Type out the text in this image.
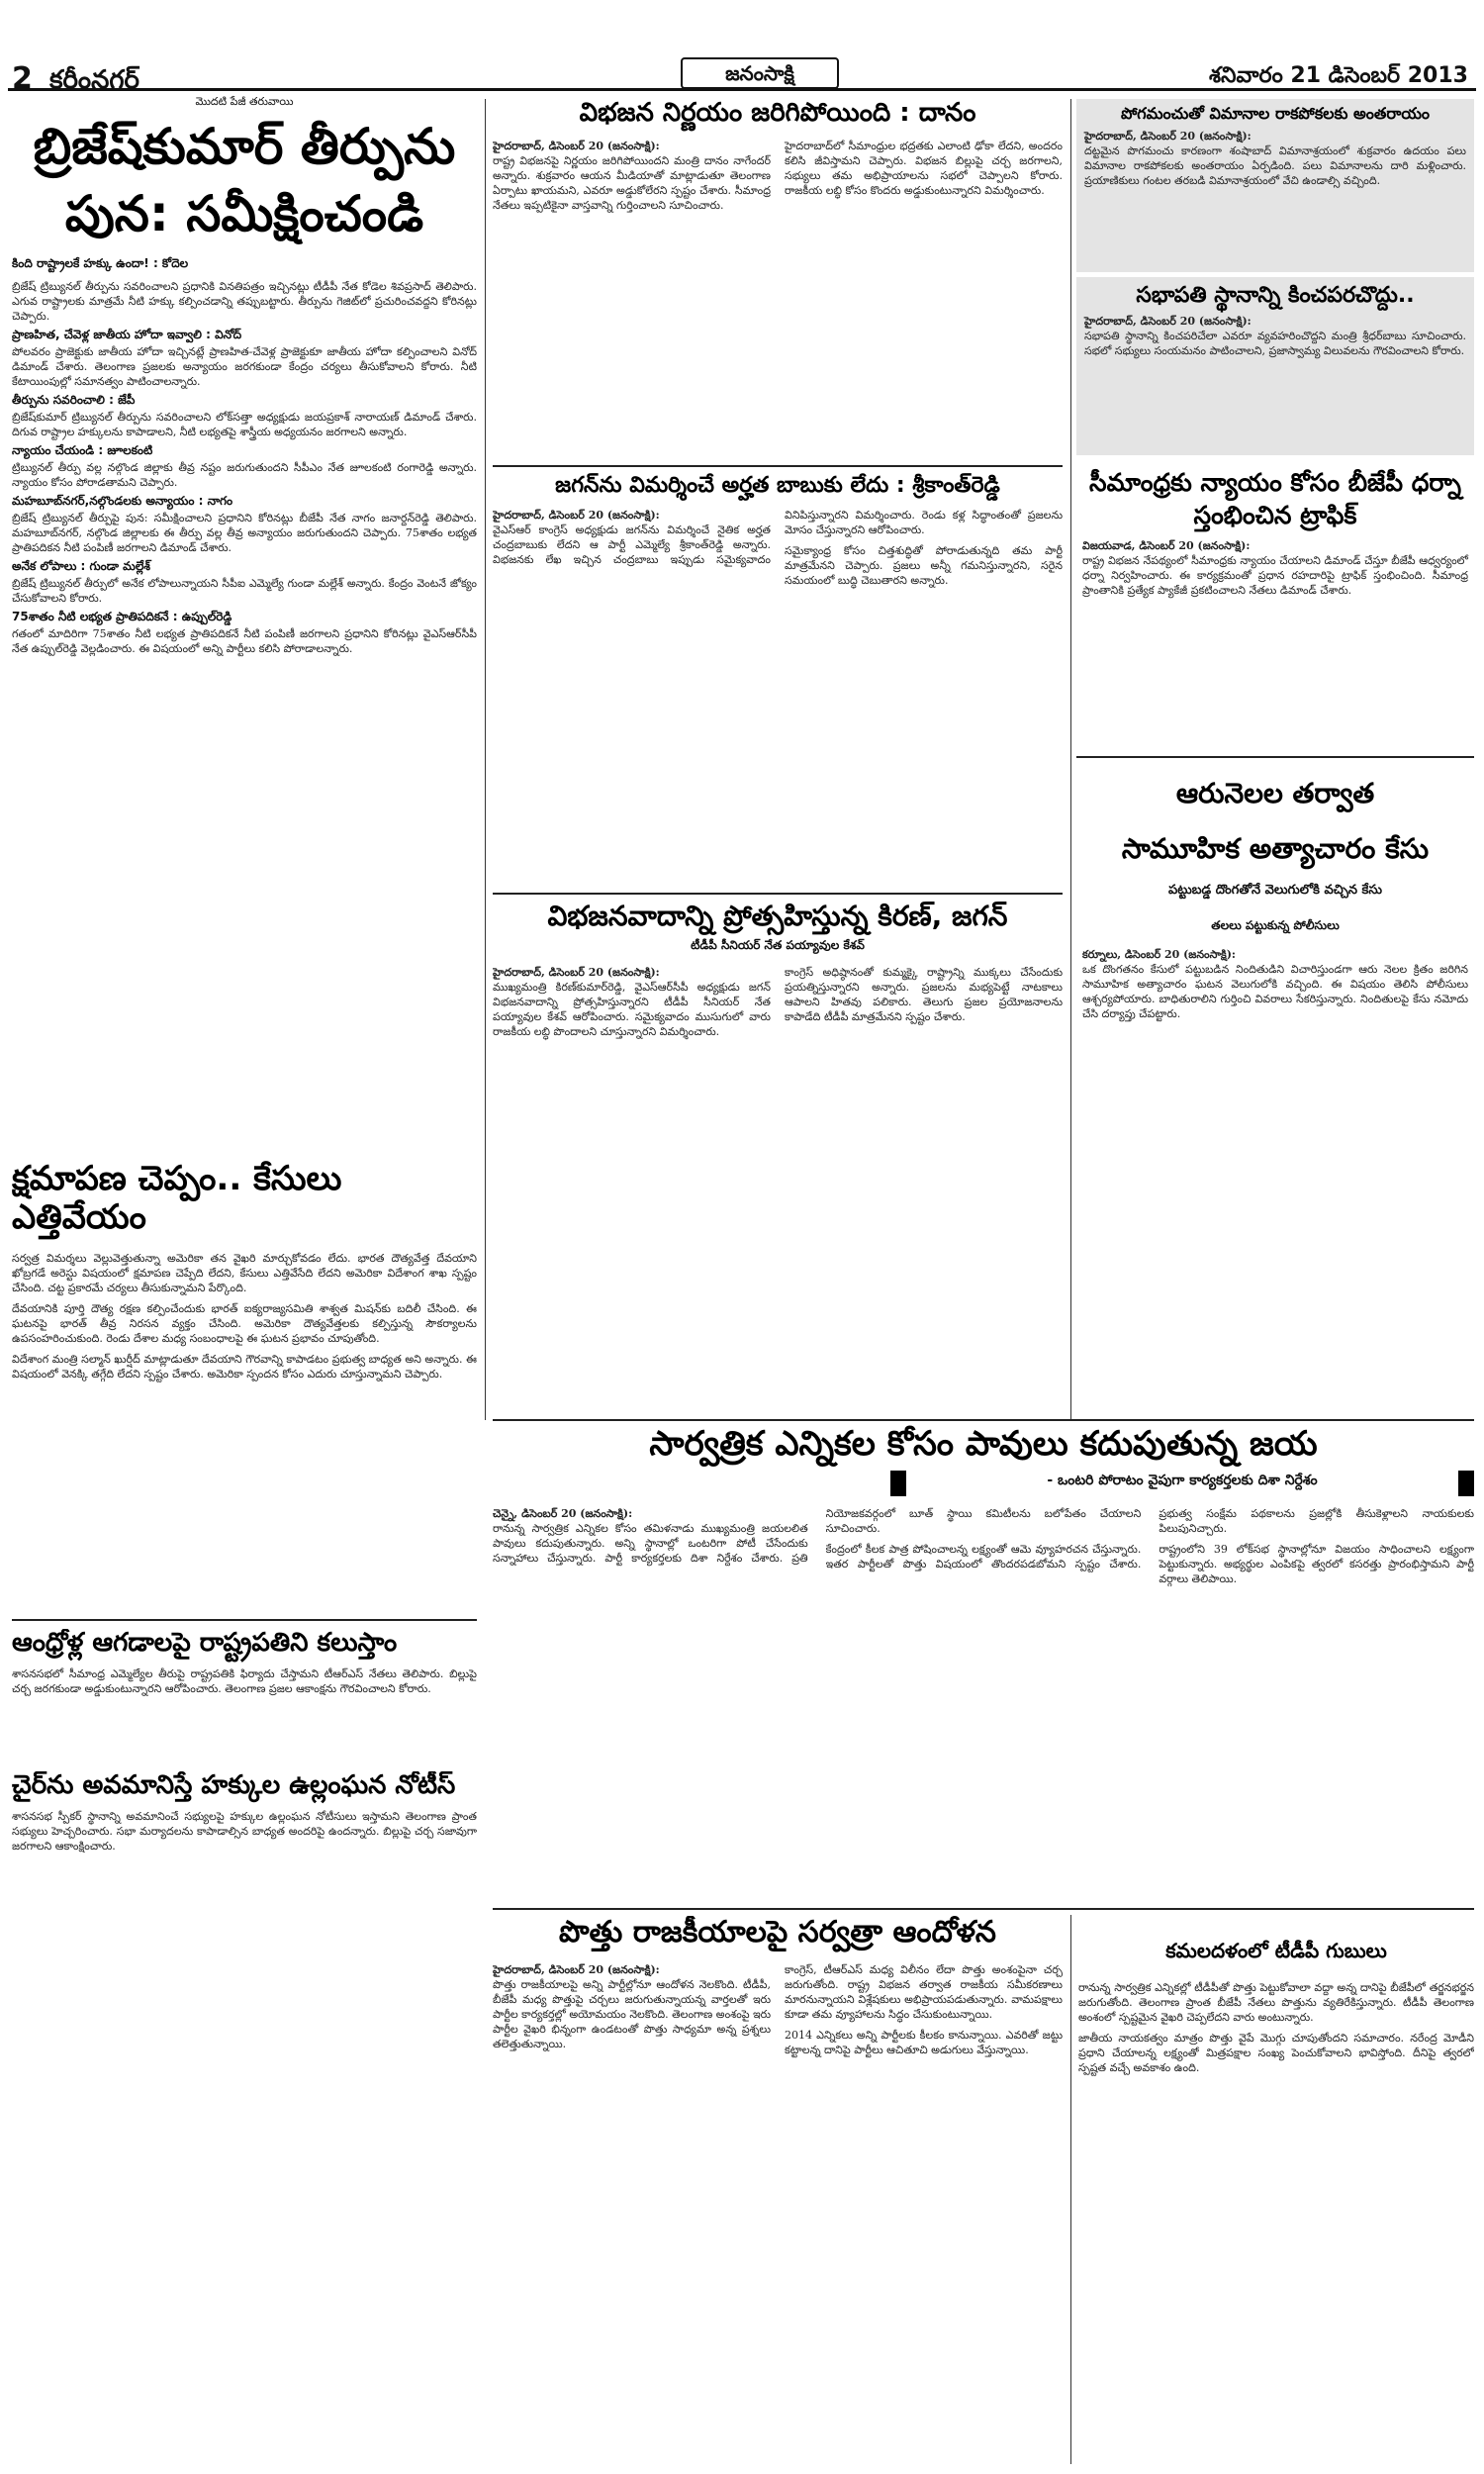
2 కరీంనగర్	జనంసాక్షి	శనివారం 21 డిసెంబర్ 2013
మొదటి పేజీ తరువాయి
బ్రిజేష్‌కుమార్ తీర్పును
పున: సమీక్షించండి
కింది రాష్ట్రాలకే హక్కు ఉందా! : కోదెల

బ్రిజేష్ ట్రిబ్యునల్ తీర్పును సవరించాలని ప్రధానికి వినతిపత్రం ఇచ్చినట్లు టీడీపీ నేత కోడెల శివప్రసాద్ తెలిపారు. ఎగువ రాష్ట్రాలకు మాత్రమే నీటి హక్కు కల్పించడాన్ని తప్పుబట్టారు. తీర్పును గెజిట్‌లో ప్రచురించవద్దని కోరినట్లు చెప్పారు.

ప్రాణహిత, చేవెళ్ల జాతీయ హోదా ఇవ్వాలి : వినోద్

పోలవరం ప్రాజెక్టుకు జాతీయ హోదా ఇచ్చినట్లే ప్రాణహిత-చేవెళ్ల ప్రాజెక్టుకూ జాతీయ హోదా కల్పించాలని వినోద్ డిమాండ్ చేశారు. తెలంగాణ ప్రజలకు అన్యాయం జరగకుండా కేంద్రం చర్యలు తీసుకోవాలని కోరారు. నీటి కేటాయింపుల్లో సమానత్వం పాటించాలన్నారు.

తీర్పును సవరించాలి : జేపీ

బ్రిజేష్‌కుమార్ ట్రిబ్యునల్ తీర్పును సవరించాలని లోక్‌సత్తా అధ్యక్షుడు జయప్రకాశ్ నారాయణ్ డిమాండ్ చేశారు. దిగువ రాష్ట్రాల హక్కులను కాపాడాలని, నీటి లభ్యతపై శాస్త్రీయ అధ్యయనం జరగాలని అన్నారు.

న్యాయం చేయండి : జూలకంటి

ట్రిబ్యునల్ తీర్పు వల్ల నల్గొండ జిల్లాకు తీవ్ర నష్టం జరుగుతుందని సీపీఎం నేత జూలకంటి రంగారెడ్డి అన్నారు. న్యాయం కోసం పోరాడతామని చెప్పారు.

మహబూబ్‌నగర్,నల్గొండలకు అన్యాయం : నాగం

బ్రిజేష్ ట్రిబ్యునల్ తీర్పుపై పున: సమీక్షించాలని ప్రధానిని కోరినట్లు బీజేపీ నేత నాగం జనార్దన్‌రెడ్డి తెలిపారు. మహబూబ్‌నగర్, నల్గొండ జిల్లాలకు ఈ తీర్పు వల్ల తీవ్ర అన్యాయం జరుగుతుందని చెప్పారు. 75శాతం లభ్యత ప్రాతిపదికన నీటి పంపిణీ జరగాలని డిమాండ్ చేశారు.

అనేక లోపాలు : గుండా మల్లేశ్

బ్రిజేష్ ట్రిబ్యునల్ తీర్పులో అనేక లోపాలున్నాయని సీపీఐ ఎమ్మెల్యే గుండా మల్లేశ్ అన్నారు. కేంద్రం వెంటనే జోక్యం చేసుకోవాలని కోరారు.

75శాతం నీటి లభ్యత ప్రాతిపదికనే : ఉప్పుల్‌రెడ్డి

గతంలో మాదిరిగా 75శాతం నీటి లభ్యత ప్రాతిపదికనే నీటి పంపిణీ జరగాలని ప్రధానిని కోరినట్లు వైఎస్‌ఆర్‌సీపీ నేత ఉప్పుల్‌రెడ్డి వెల్లడించారు. ఈ విషయంలో అన్ని పార్టీలు కలిసి పోరాడాలన్నారు.

క్షమాపణ చెప్పం.. కేసులు ఎత్తివేయం

సర్వత్ర విమర్శలు వెల్లువెత్తుతున్నా అమెరికా తన వైఖరి మార్చుకోవడం లేదు. భారత దౌత్యవేత్త దేవయాని ఖోబ్రగడే అరెస్టు విషయంలో క్షమాపణ చెప్పేది లేదని, కేసులు ఎత్తివేసేది లేదని అమెరికా విదేశాంగ శాఖ స్పష్టం చేసింది. చట్ట ప్రకారమే చర్యలు తీసుకున్నామని పేర్కొంది.

దేవయానికి పూర్తి దౌత్య రక్షణ కల్పించేందుకు భారత్ ఐక్యరాజ్యసమితి శాశ్వత మిషన్‌కు బదిలీ చేసింది. ఈ ఘటనపై భారత్ తీవ్ర నిరసన వ్యక్తం చేసింది. అమెరికా దౌత్యవేత్తలకు కల్పిస్తున్న సౌకర్యాలను ఉపసంహరించుకుంది. రెండు దేశాల మధ్య సంబంధాలపై ఈ ఘటన ప్రభావం చూపుతోంది.

విదేశాంగ మంత్రి సల్మాన్ ఖుర్షీద్ మాట్లాడుతూ దేవయాని గౌరవాన్ని కాపాడటం ప్రభుత్వ బాధ్యత అని అన్నారు. ఈ విషయంలో వెనక్కి తగ్గేది లేదని స్పష్టం చేశారు. అమెరికా స్పందన కోసం ఎదురు చూస్తున్నామని చెప్పారు.

ఆంధ్రోళ్ల ఆగడాలపై రాష్ట్రపతిని కలుస్తాం

శాసనసభలో సీమాంధ్ర ఎమ్మెల్యేల తీరుపై రాష్ట్రపతికి ఫిర్యాదు చేస్తామని టీఆర్‌ఎస్ నేతలు తెలిపారు. బిల్లుపై చర్చ జరగకుండా అడ్డుకుంటున్నారని ఆరోపించారు. తెలంగాణ ప్రజల ఆకాంక్షను గౌరవించాలని కోరారు.

చైర్‌ను అవమానిస్తే హక్కుల ఉల్లంఘన నోటీస్

శాసనసభ స్పీకర్ స్థానాన్ని అవమానించే సభ్యులపై హక్కుల ఉల్లంఘన నోటీసులు ఇస్తామని తెలంగాణ ప్రాంత సభ్యులు హెచ్చరించారు. సభా మర్యాదలను కాపాడాల్సిన బాధ్యత అందరిపై ఉందన్నారు. బిల్లుపై చర్చ సజావుగా జరగాలని ఆకాంక్షించారు.

విభజన నిర్ణయం జరిగిపోయింది : దానం

హైదరాబాద్, డిసెంబర్ 20 (జనంసాక్షి):

రాష్ట్ర విభజనపై నిర్ణయం జరిగిపోయిందని మంత్రి దానం నాగేందర్ అన్నారు. శుక్రవారం ఆయన మీడియాతో మాట్లాడుతూ తెలంగాణ ఏర్పాటు ఖాయమని, ఎవరూ అడ్డుకోలేరని స్పష్టం చేశారు. సీమాంధ్ర నేతలు ఇప్పటికైనా వాస్తవాన్ని గుర్తించాలని సూచించారు.

హైదరాబాద్‌లో సీమాంధ్రుల భద్రతకు ఎలాంటి ఢోకా లేదని, అందరం కలిసి జీవిస్తామని చెప్పారు. విభజన బిల్లుపై చర్చ జరగాలని, సభ్యులు తమ అభిప్రాయాలను సభలో చెప్పాలని కోరారు. రాజకీయ లబ్ధి కోసం కొందరు అడ్డుకుంటున్నారని విమర్శించారు.

జగన్‌ను విమర్శించే అర్హత బాబుకు లేదు : శ్రీకాంత్‌రెడ్డి

హైదరాబాద్, డిసెంబర్ 20 (జనంసాక్షి):

వైఎస్‌ఆర్ కాంగ్రెస్ అధ్యక్షుడు జగన్‌ను విమర్శించే నైతిక అర్హత చంద్రబాబుకు లేదని ఆ పార్టీ ఎమ్మెల్యే శ్రీకాంత్‌రెడ్డి అన్నారు. విభజనకు లేఖ ఇచ్చిన చంద్రబాబు ఇప్పుడు సమైక్యవాదం వినిపిస్తున్నారని విమర్శించారు. రెండు కళ్ల సిద్ధాంతంతో ప్రజలను మోసం చేస్తున్నారని ఆరోపించారు.

సమైక్యాంధ్ర కోసం చిత్తశుద్ధితో పోరాడుతున్నది తమ పార్టీ మాత్రమేనని చెప్పారు. ప్రజలు అన్నీ గమనిస్తున్నారని, సరైన సమయంలో బుద్ధి చెబుతారని అన్నారు.

విభజనవాదాన్ని ప్రోత్సహిస్తున్న కిరణ్, జగన్
టీడీపీ సీనియర్ నేత పయ్యావుల కేశవ్

హైదరాబాద్, డిసెంబర్ 20 (జనంసాక్షి):

ముఖ్యమంత్రి కిరణ్‌కుమార్‌రెడ్డి, వైఎస్‌ఆర్‌సీపీ అధ్యక్షుడు జగన్ విభజనవాదాన్ని ప్రోత్సహిస్తున్నారని టీడీపీ సీనియర్ నేత పయ్యావుల కేశవ్ ఆరోపించారు. సమైక్యవాదం ముసుగులో వారు రాజకీయ లబ్ధి పొందాలని చూస్తున్నారని విమర్శించారు.

కాంగ్రెస్ అధిష్ఠానంతో కుమ్మక్కై రాష్ట్రాన్ని ముక్కలు చేసేందుకు ప్రయత్నిస్తున్నారని అన్నారు. ప్రజలను మభ్యపెట్టే నాటకాలు ఆపాలని హితవు పలికారు. తెలుగు ప్రజల ప్రయోజనాలను కాపాడేది టీడీపీ మాత్రమేనని స్పష్టం చేశారు.

పోగమంచుతో విమానాల రాకపోకలకు అంతరాయం

హైదరాబాద్, డిసెంబర్ 20 (జనంసాక్షి):

దట్టమైన పొగమంచు కారణంగా శంషాబాద్ విమానాశ్రయంలో శుక్రవారం ఉదయం పలు విమానాల రాకపోకలకు అంతరాయం ఏర్పడింది. పలు విమానాలను దారి మళ్లించారు. ప్రయాణికులు గంటల తరబడి విమానాశ్రయంలో వేచి ఉండాల్సి వచ్చింది.

సభాపతి స్థానాన్ని కించపరచొద్దు..

హైదరాబాద్, డిసెంబర్ 20 (జనంసాక్షి):

సభాపతి స్థానాన్ని కించపరిచేలా ఎవరూ వ్యవహరించొద్దని మంత్రి శ్రీధర్‌బాబు సూచించారు. సభలో సభ్యులు సంయమనం పాటించాలని, ప్రజాస్వామ్య విలువలను గౌరవించాలని కోరారు.

సీమాంధ్రకు న్యాయం కోసం బీజేపీ ధర్నా
స్తంభించిన ట్రాఫిక్

విజయవాడ, డిసెంబర్ 20 (జనంసాక్షి):

రాష్ట్ర విభజన నేపథ్యంలో సీమాంధ్రకు న్యాయం చేయాలని డిమాండ్ చేస్తూ బీజేపీ ఆధ్వర్యంలో ధర్నా నిర్వహించారు. ఈ కార్యక్రమంతో ప్రధాన రహదారిపై ట్రాఫిక్ స్తంభించింది. సీమాంధ్ర ప్రాంతానికి ప్రత్యేక ప్యాకేజీ ప్రకటించాలని నేతలు డిమాండ్ చేశారు.

ఆరునెలల తర్వాత
సామూహిక అత్యాచారం కేసు
పట్టుబడ్డ దొంగతోనే వెలుగులోకి వచ్చిన కేసు
తలలు పట్టుకున్న పోలీసులు

కర్నూలు, డిసెంబర్ 20 (జనంసాక్షి):

ఒక దొంగతనం కేసులో పట్టుబడిన నిందితుడిని విచారిస్తుండగా ఆరు నెలల క్రితం జరిగిన సామూహిక అత్యాచారం ఘటన వెలుగులోకి వచ్చింది. ఈ విషయం తెలిసి పోలీసులు ఆశ్చర్యపోయారు. బాధితురాలిని గుర్తించి వివరాలు సేకరిస్తున్నారు. నిందితులపై కేసు నమోదు చేసి దర్యాప్తు చేపట్టారు.

సార్వత్రిక ఎన్నికల కోసం పావులు కదుపుతున్న జయ
- ఒంటరి పోరాటం వైపుగా కార్యకర్తలకు దిశా నిర్దేశం

చెన్నై, డిసెంబర్ 20 (జనంసాక్షి):

రానున్న సార్వత్రిక ఎన్నికల కోసం తమిళనాడు ముఖ్యమంత్రి జయలలిత పావులు కదుపుతున్నారు. అన్ని స్థానాల్లో ఒంటరిగా పోటీ చేసేందుకు సన్నాహాలు చేస్తున్నారు. పార్టీ కార్యకర్తలకు దిశా నిర్దేశం చేశారు. ప్రతి నియోజకవర్గంలో బూత్ స్థాయి కమిటీలను బలోపేతం చేయాలని సూచించారు.

కేంద్రంలో కీలక పాత్ర పోషించాలన్న లక్ష్యంతో ఆమె వ్యూహరచన చేస్తున్నారు. ఇతర పార్టీలతో పొత్తు విషయంలో తొందరపడబోమని స్పష్టం చేశారు. ప్రభుత్వ సంక్షేమ పథకాలను ప్రజల్లోకి తీసుకెళ్లాలని నాయకులకు పిలుపునిచ్చారు.

రాష్ట్రంలోని 39 లోక్‌సభ స్థానాల్లోనూ విజయం సాధించాలని లక్ష్యంగా పెట్టుకున్నారు. అభ్యర్థుల ఎంపికపై త్వరలో కసరత్తు ప్రారంభిస్తామని పార్టీ వర్గాలు తెలిపాయి.

పొత్తు రాజకీయాలపై సర్వత్రా ఆందోళన

హైదరాబాద్, డిసెంబర్ 20 (జనంసాక్షి):

పొత్తు రాజకీయాలపై అన్ని పార్టీల్లోనూ ఆందోళన నెలకొంది. టీడీపీ, బీజేపీ మధ్య పొత్తుపై చర్చలు జరుగుతున్నాయన్న వార్తలతో ఇరు పార్టీల కార్యకర్తల్లో అయోమయం నెలకొంది. తెలంగాణ అంశంపై ఇరు పార్టీల వైఖరి భిన్నంగా ఉండటంతో పొత్తు సాధ్యమా అన్న ప్రశ్నలు తలెత్తుతున్నాయి.

కాంగ్రెస్, టీఆర్‌ఎస్ మధ్య విలీనం లేదా పొత్తు అంశంపైనా చర్చ జరుగుతోంది. రాష్ట్ర విభజన తర్వాత రాజకీయ సమీకరణాలు మారనున్నాయని విశ్లేషకులు అభిప్రాయపడుతున్నారు. వామపక్షాలు కూడా తమ వ్యూహాలను సిద్ధం చేసుకుంటున్నాయి.

2014 ఎన్నికలు అన్ని పార్టీలకు కీలకం కానున్నాయి. ఎవరితో జట్టు కట్టాలన్న దానిపై పార్టీలు ఆచితూచి అడుగులు వేస్తున్నాయి.

కమలదళంలో టీడీపీ గుబులు

రానున్న సార్వత్రిక ఎన్నికల్లో టీడీపీతో పొత్తు పెట్టుకోవాలా వద్దా అన్న దానిపై బీజేపీలో తర్జనభర్జన జరుగుతోంది. తెలంగాణ ప్రాంత బీజేపీ నేతలు పొత్తును వ్యతిరేకిస్తున్నారు. టీడీపీ తెలంగాణ అంశంలో స్పష్టమైన వైఖరి చెప్పలేదని వారు అంటున్నారు.

జాతీయ నాయకత్వం మాత్రం పొత్తు వైపే మొగ్గు చూపుతోందని సమాచారం. నరేంద్ర మోడీని ప్రధాని చేయాలన్న లక్ష్యంతో మిత్రపక్షాల సంఖ్య పెంచుకోవాలని భావిస్తోంది. దీనిపై త్వరలో స్పష్టత వచ్చే అవకాశం ఉంది.
